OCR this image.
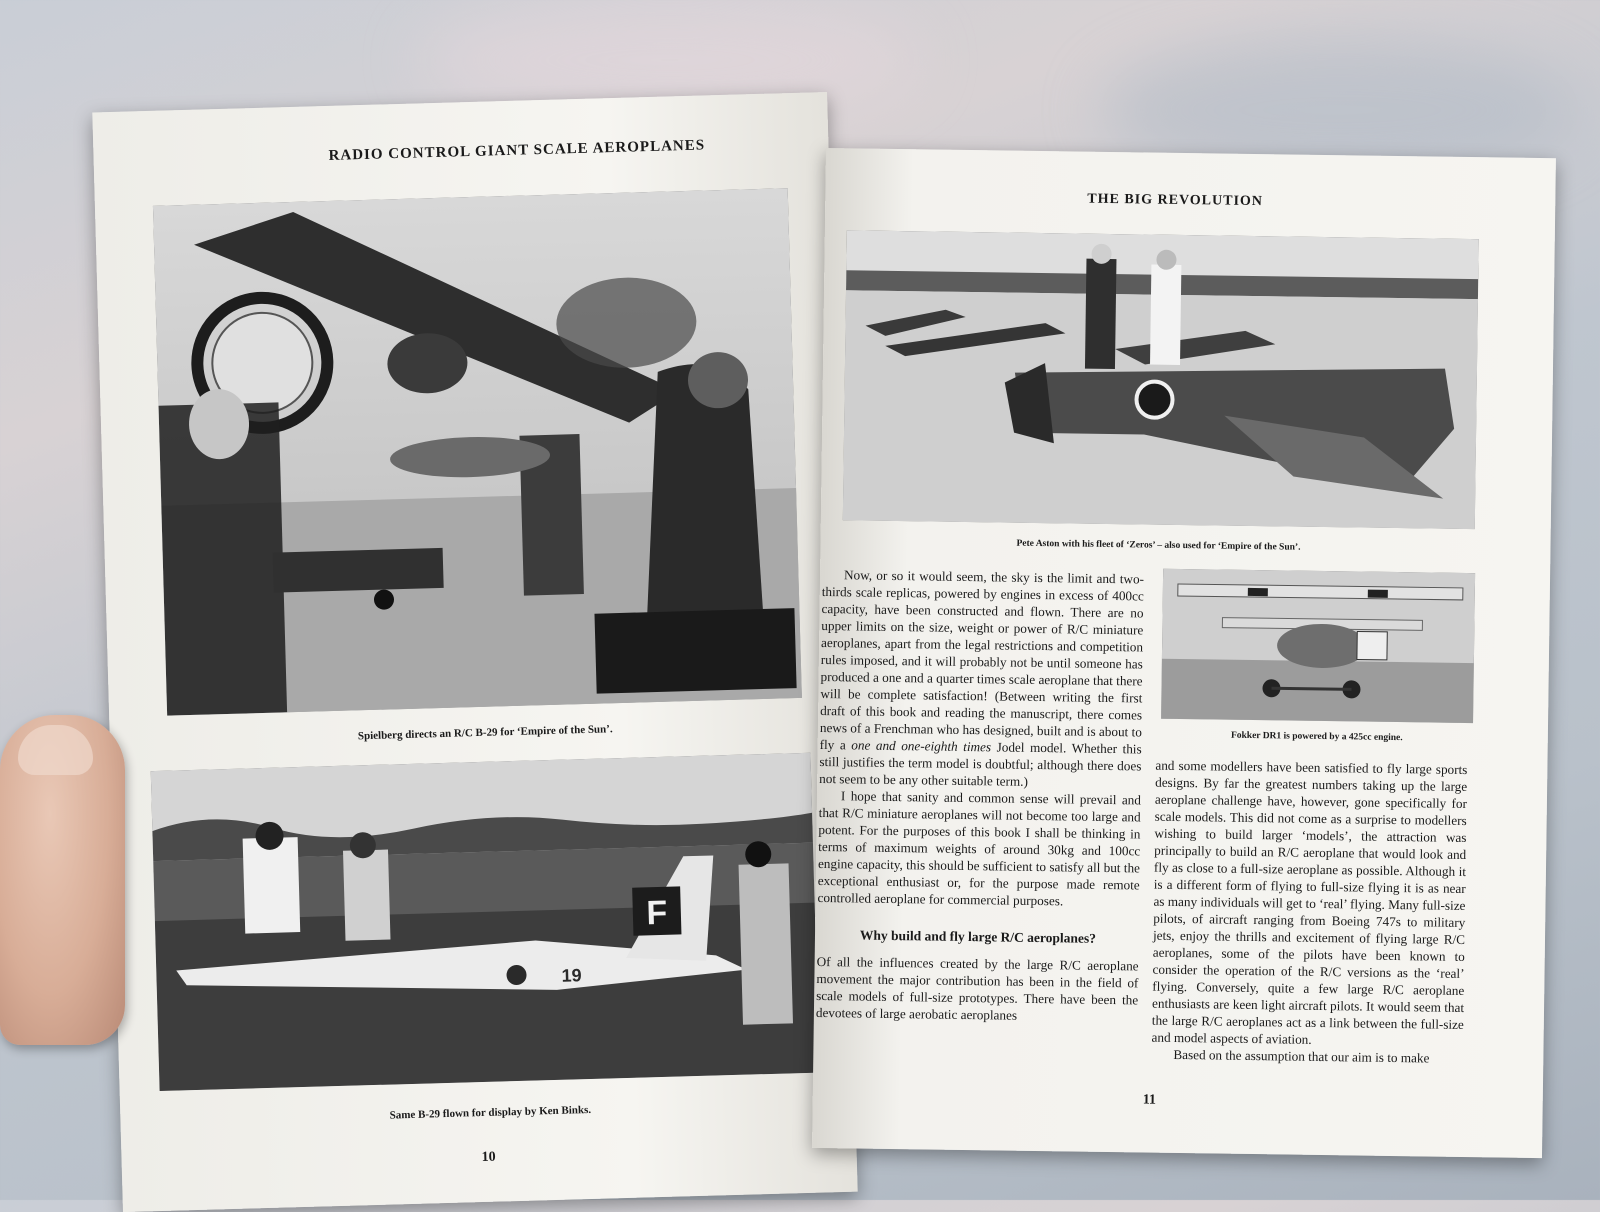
RADIO CONTROL GIANT SCALE AEROPLANES
Spielberg directs an R/C B-29 for ‘Empire of the Sun’.
F
19
Same B-29 flown for display by Ken Binks.
10
THE BIG REVOLUTION
Pete Aston with his fleet of ‘Zeros’ – also used for ‘Empire of the Sun’.
Fokker DR1 is powered by a 425cc engine.

Now, or so it would seem, the sky is the limit and two-thirds scale replicas, powered by engines in excess of 400cc capacity, have been constructed and flown. There are no upper limits on the size, weight or power of R/C miniature aeroplanes, apart from the legal restrictions and competition rules imposed, and it will probably not be until someone has produced a one and a quarter times scale aeroplane that there will be complete satisfaction! (Between writing the first draft of this book and reading the manuscript, there comes news of a Frenchman who has designed, built and is about to fly a one and one-eighth times Jodel model. Whether this still justifies the term model is doubtful; although there does not seem to be any other suitable term.)

I hope that sanity and common sense will prevail and that R/C miniature aeroplanes will not become too large and potent. For the purposes of this book I shall be thinking in terms of maximum weights of around 30kg and 100cc engine capacity, this should be sufficient to satisfy all but the exceptional enthusiast or, for the purpose made remote controlled aeroplane for commercial purposes.

Why build and fly large R/C aeroplanes?

Of all the influences created by the large R/C aeroplane movement the major contribution has been in the field of scale models of full-size prototypes. There have been the devotees of large aerobatic aeroplanes

and some modellers have been satisfied to fly large sports designs. By far the greatest numbers taking up the large aeroplane challenge have, however, gone specifically for scale models. This did not come as a surprise to modellers wishing to build larger ‘models’, the attraction was principally to build an R/C aeroplane that would look and fly as close to a full-size aeroplane as possible. Although it is a different form of flying to full-size flying it is as near as many individuals will get to ‘real’ flying. Many full-size pilots, of aircraft ranging from Boeing 747s to military jets, enjoy the thrills and excitement of flying large R/C aeroplanes, some of the pilots have been known to consider the operation of the R/C versions as the ‘real’ flying. Conversely, quite a few large R/C aeroplane enthusiasts are keen light aircraft pilots. It would seem that the large R/C aeroplanes act as a link between the full-size and model aspects of aviation.

Based on the assumption that our aim is to make

11
